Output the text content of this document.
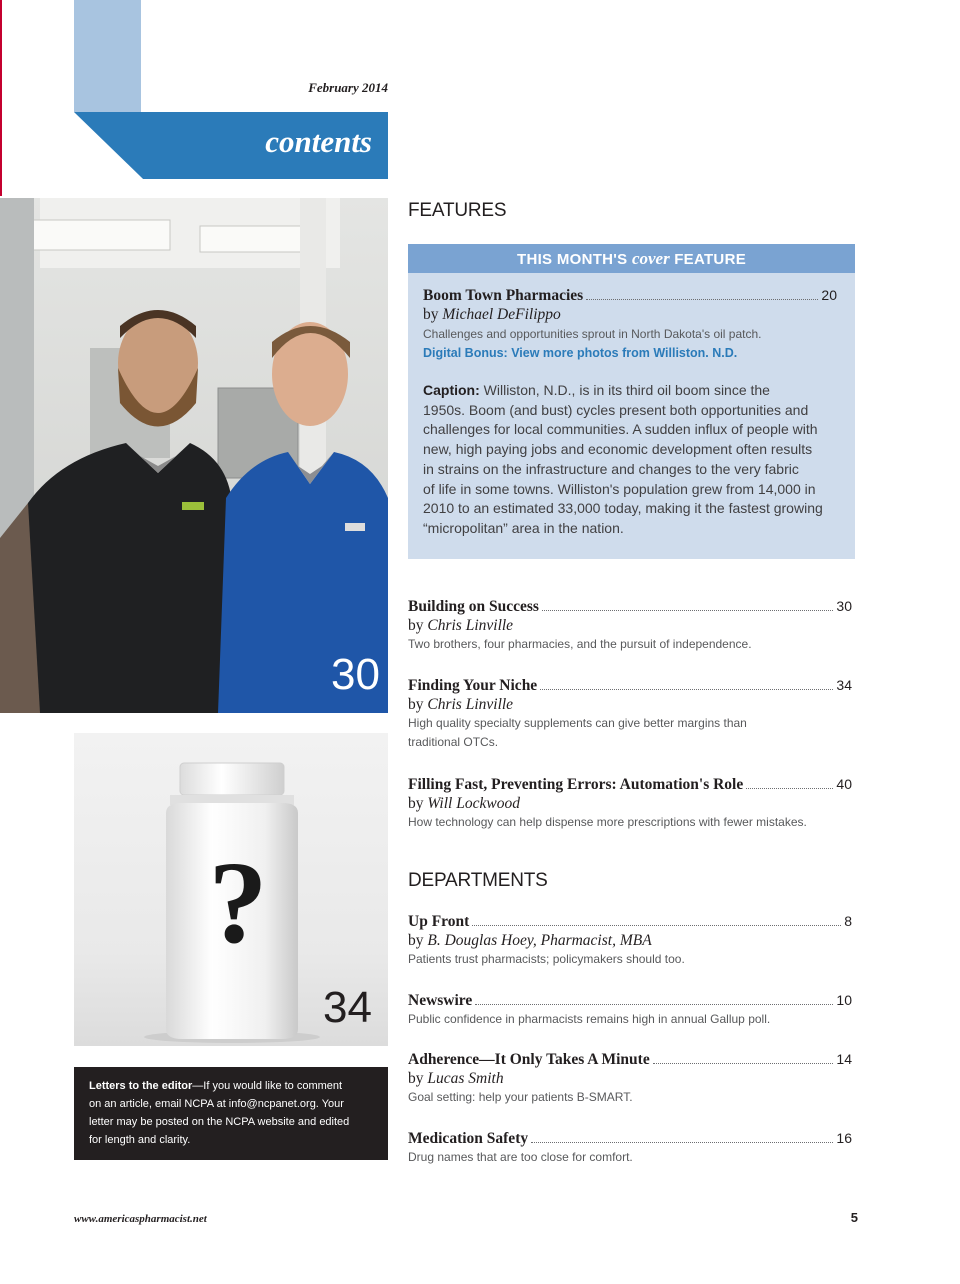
February 2014
contents
30
?
34
Letters to the editor—If you would like to comment
on an article, email NCPA at info@ncpanet.org. Your
letter may be posted on the NCPA website and edited
for length and clarity.
FEATURES
THIS MONTH'S cover FEATURE
Boom Town Pharmacies	20
by Michael DeFilippo
Challenges and opportunities sprout in North Dakota's oil patch.
Digital Bonus: View more photos from Williston. N.D.
Caption: Williston, N.D., is in its third oil boom since the
1950s. Boom (and bust) cycles present both opportunities and
challenges for local communities. A sudden influx of people with
new, high paying jobs and economic development often results
in strains on the infrastructure and changes to the very fabric
of life in some towns. Williston's population grew from 14,000 in
2010 to an estimated 33,000 today, making it the fastest growing
“micropolitan” area in the nation.
Building on Success	30
by Chris Linville
Two brothers, four pharmacies, and the pursuit of independence.
Finding Your Niche	34
by Chris Linville
High quality specialty supplements can give better margins than
traditional OTCs.
Filling Fast, Preventing Errors: Automation's Role	40
by Will Lockwood
How technology can help dispense more prescriptions with fewer mistakes.
DEPARTMENTS
Up Front	8
by B. Douglas Hoey, Pharmacist, MBA
Patients trust pharmacists; policymakers should too.
Newswire	10
Public confidence in pharmacists remains high in annual Gallup poll.
Adherence—It Only Takes A Minute	14
by Lucas Smith
Goal setting: help your patients B-SMART.
Medication Safety	16
Drug names that are too close for comfort.
www.americaspharmacist.net	5
